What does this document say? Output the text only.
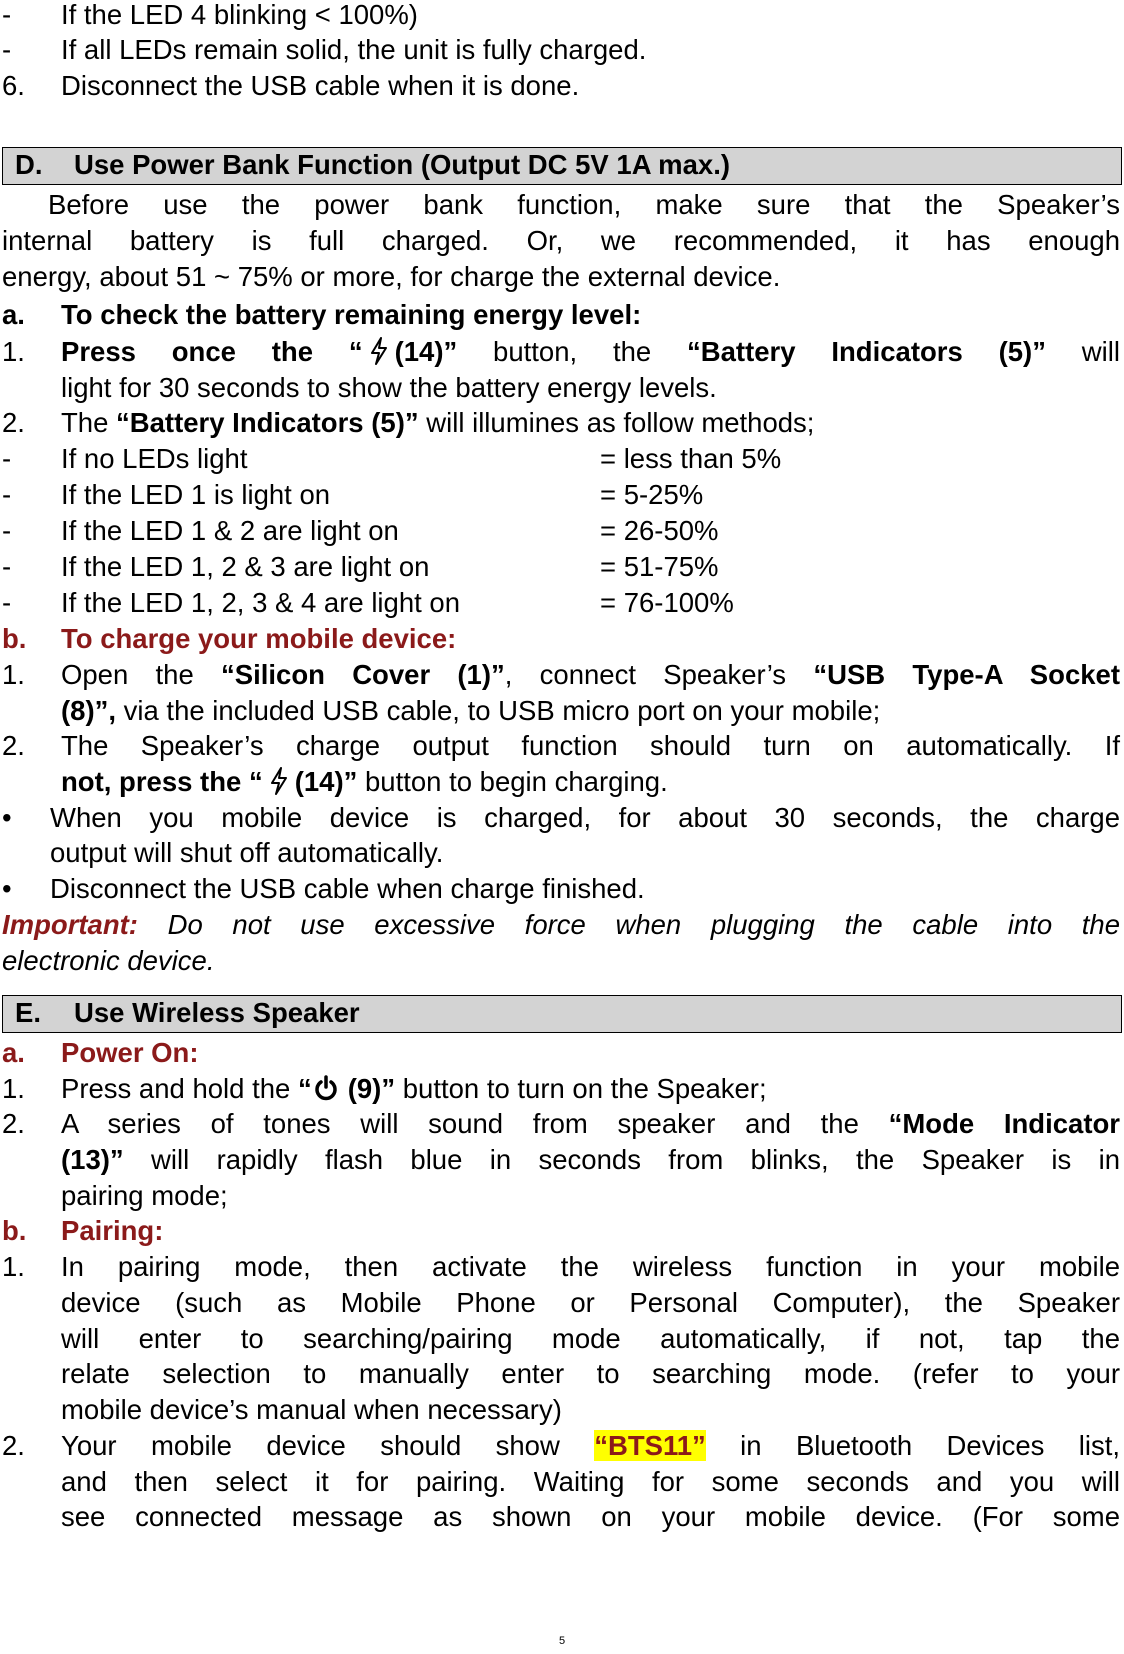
- If the LED 4 blinking < 100%)
- If all LEDs remain solid, the unit is fully charged.
6. Disconnect the USB cable when it is done.
D. Use Power Bank Function (Output DC 5V 1A max.)
Before use the power bank function, make sure that the Speaker’s
internal battery is full charged. Or, we recommended, it has enough
energy, about 51 ~ 75% or more, for charge the external device.
a. To check the battery remaining energy level:
1. Press once the “ (14)” button, the “Battery Indicators (5)” will
light for 30 seconds to show the battery energy levels.
2. The “Battery Indicators (5)” will illumines as follow methods;
- If no LEDs light	= less than 5%
- If the LED 1 is light on	= 5-25%
- If the LED 1 & 2 are light on	= 26-50%
- If the LED 1, 2 & 3 are light on	= 51-75%
- If the LED 1, 2, 3 & 4 are light on	= 76-100%
b. To charge your mobile device:
1. Open the “Silicon Cover (1)”, connect Speaker’s “USB Type-A Socket
(8)”, via the included USB cable, to USB micro port on your mobile;
2. The Speaker’s charge output function should turn on automatically. If
not, press the “ (14)” button to begin charging.
• When you mobile device is charged, for about 30 seconds, the charge
output will shut off automatically.
• Disconnect the USB cable when charge finished.
Important: Do not use excessive force when plugging the cable into the
electronic device.
E. Use Wireless Speaker
a. Power On:
1. Press and hold the “ (9)” button to turn on the Speaker;
2. A series of tones will sound from speaker and the “Mode Indicator
(13)” will rapidly flash blue in seconds from blinks, the Speaker is in
pairing mode;
b. Pairing:
1. In pairing mode, then activate the wireless function in your mobile
device (such as Mobile Phone or Personal Computer), the Speaker
will enter to searching/pairing mode automatically, if not, tap the
relate selection to manually enter to searching mode. (refer to your
mobile device’s manual when necessary)
2. Your mobile device should show “BTS11” in Bluetooth Devices list,
and then select it for pairing. Waiting for some seconds and you will
see connected message as shown on your mobile device. (For some
5
